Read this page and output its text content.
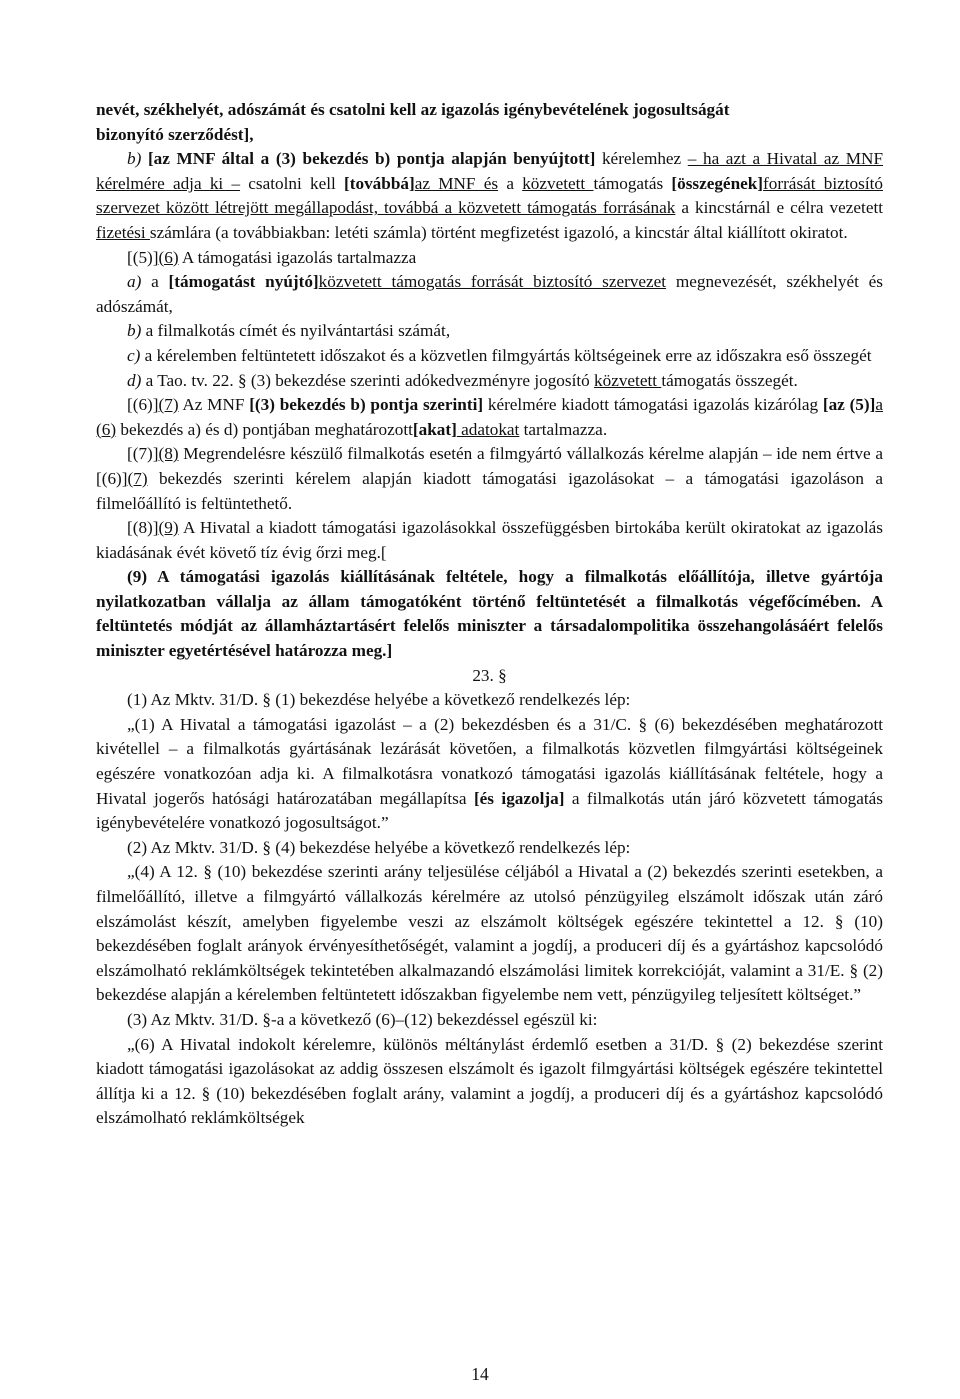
nevét, székhelyét, adószámát és csatolni kell az igazolás igénybevételének jogosultságát
bizonyító szerződést],

b) [az MNF által a (3) bekezdés b) pontja alapján benyújtott] kérelemhez – ha azt a Hivatal az MNF kérelmére adja ki – csatolni kell [továbbá]az MNF és a közvetett támogatás [összegének]forrását biztosító szervezet között létrejött megállapodást, továbbá a közvetett támogatás forrásának a kincstárnál e célra vezetett fizetési számlára (a továbbiakban: letéti számla) történt megfizetést igazoló, a kincstár által kiállított okiratot.

[(5)](6) A támogatási igazolás tartalmazza

a) a [támogatást nyújtó]közvetett támogatás forrását biztosító szervezet megnevezését, székhelyét és adószámát,

b) a filmalkotás címét és nyilvántartási számát,

c) a kérelemben feltüntetett időszakot és a közvetlen filmgyártás költségeinek erre az időszakra eső összegét

d) a Tao. tv. 22. § (3) bekezdése szerinti adókedvezményre jogosító közvetett támogatás összegét.

[(6)](7) Az MNF [(3) bekezdés b) pontja szerinti] kérelmére kiadott támogatási igazolás kizárólag [az (5)]a (6) bekezdés a) és d) pontjában meghatározott[akat] adatokat tartalmazza.

[(7)](8) Megrendelésre készülő filmalkotás esetén a filmgyártó vállalkozás kérelme alapján – ide nem értve a [(6)](7) bekezdés szerinti kérelem alapján kiadott támogatási igazolásokat – a támogatási igazoláson a filmelőállító is feltüntethető.

[(8)](9) A Hivatal a kiadott támogatási igazolásokkal összefüggésben birtokába került okiratokat az igazolás kiadásának évét követő tíz évig őrzi meg.[

(9) A támogatási igazolás kiállításának feltétele, hogy a filmalkotás előállítója, illetve gyártója nyilatkozatban vállalja az állam támogatóként történő feltüntetését a filmalkotás végefőcímében. A feltüntetés módját az államháztartásért felelős miniszter a társadalompolitika összehangolásáért felelős miniszter egyetértésével határozza meg.]

23. §

(1) Az Mktv. 31/D. § (1) bekezdése helyébe a következő rendelkezés lép:

„(1) A Hivatal a támogatási igazolást – a (2) bekezdésben és a 31/C. § (6) bekezdésében meghatározott kivétellel – a filmalkotás gyártásának lezárását követően, a filmalkotás közvetlen filmgyártási költségeinek egészére vonatkozóan adja ki. A filmalkotásra vonatkozó támogatási igazolás kiállításának feltétele, hogy a Hivatal jogerős hatósági határozatában megállapítsa [és igazolja] a filmalkotás után járó közvetett támogatás igénybevételére vonatkozó jogosultságot.”

(2) Az Mktv. 31/D. § (4) bekezdése helyébe a következő rendelkezés lép:

„(4) A 12. § (10) bekezdése szerinti arány teljesülése céljából a Hivatal a (2) bekezdés szerinti esetekben, a filmelőállító, illetve a filmgyártó vállalkozás kérelmére az utolsó pénzügyileg elszámolt időszak után záró elszámolást készít, amelyben figyelembe veszi az elszámolt költségek egészére tekintettel a 12. § (10) bekezdésében foglalt arányok érvényesíthetőségét, valamint a jogdíj, a produceri díj és a gyártáshoz kapcsolódó elszámolható reklámköltségek tekintetében alkalmazandó elszámolási limitek korrekcióját, valamint a 31/E. § (2) bekezdése alapján a kérelemben feltüntetett időszakban figyelembe nem vett, pénzügyileg teljesített költséget.”

(3) Az Mktv. 31/D. §-a a következő (6)–(12) bekezdéssel egészül ki:

„(6) A Hivatal indokolt kérelemre, különös méltánylást érdemlő esetben a 31/D. § (2) bekezdése szerint kiadott támogatási igazolásokat az addig összesen elszámolt és igazolt filmgyártási költségek egészére tekintettel állítja ki a 12. § (10) bekezdésében foglalt arány, valamint a jogdíj, a produceri díj és a gyártáshoz kapcsolódó elszámolható reklámköltségek

14
